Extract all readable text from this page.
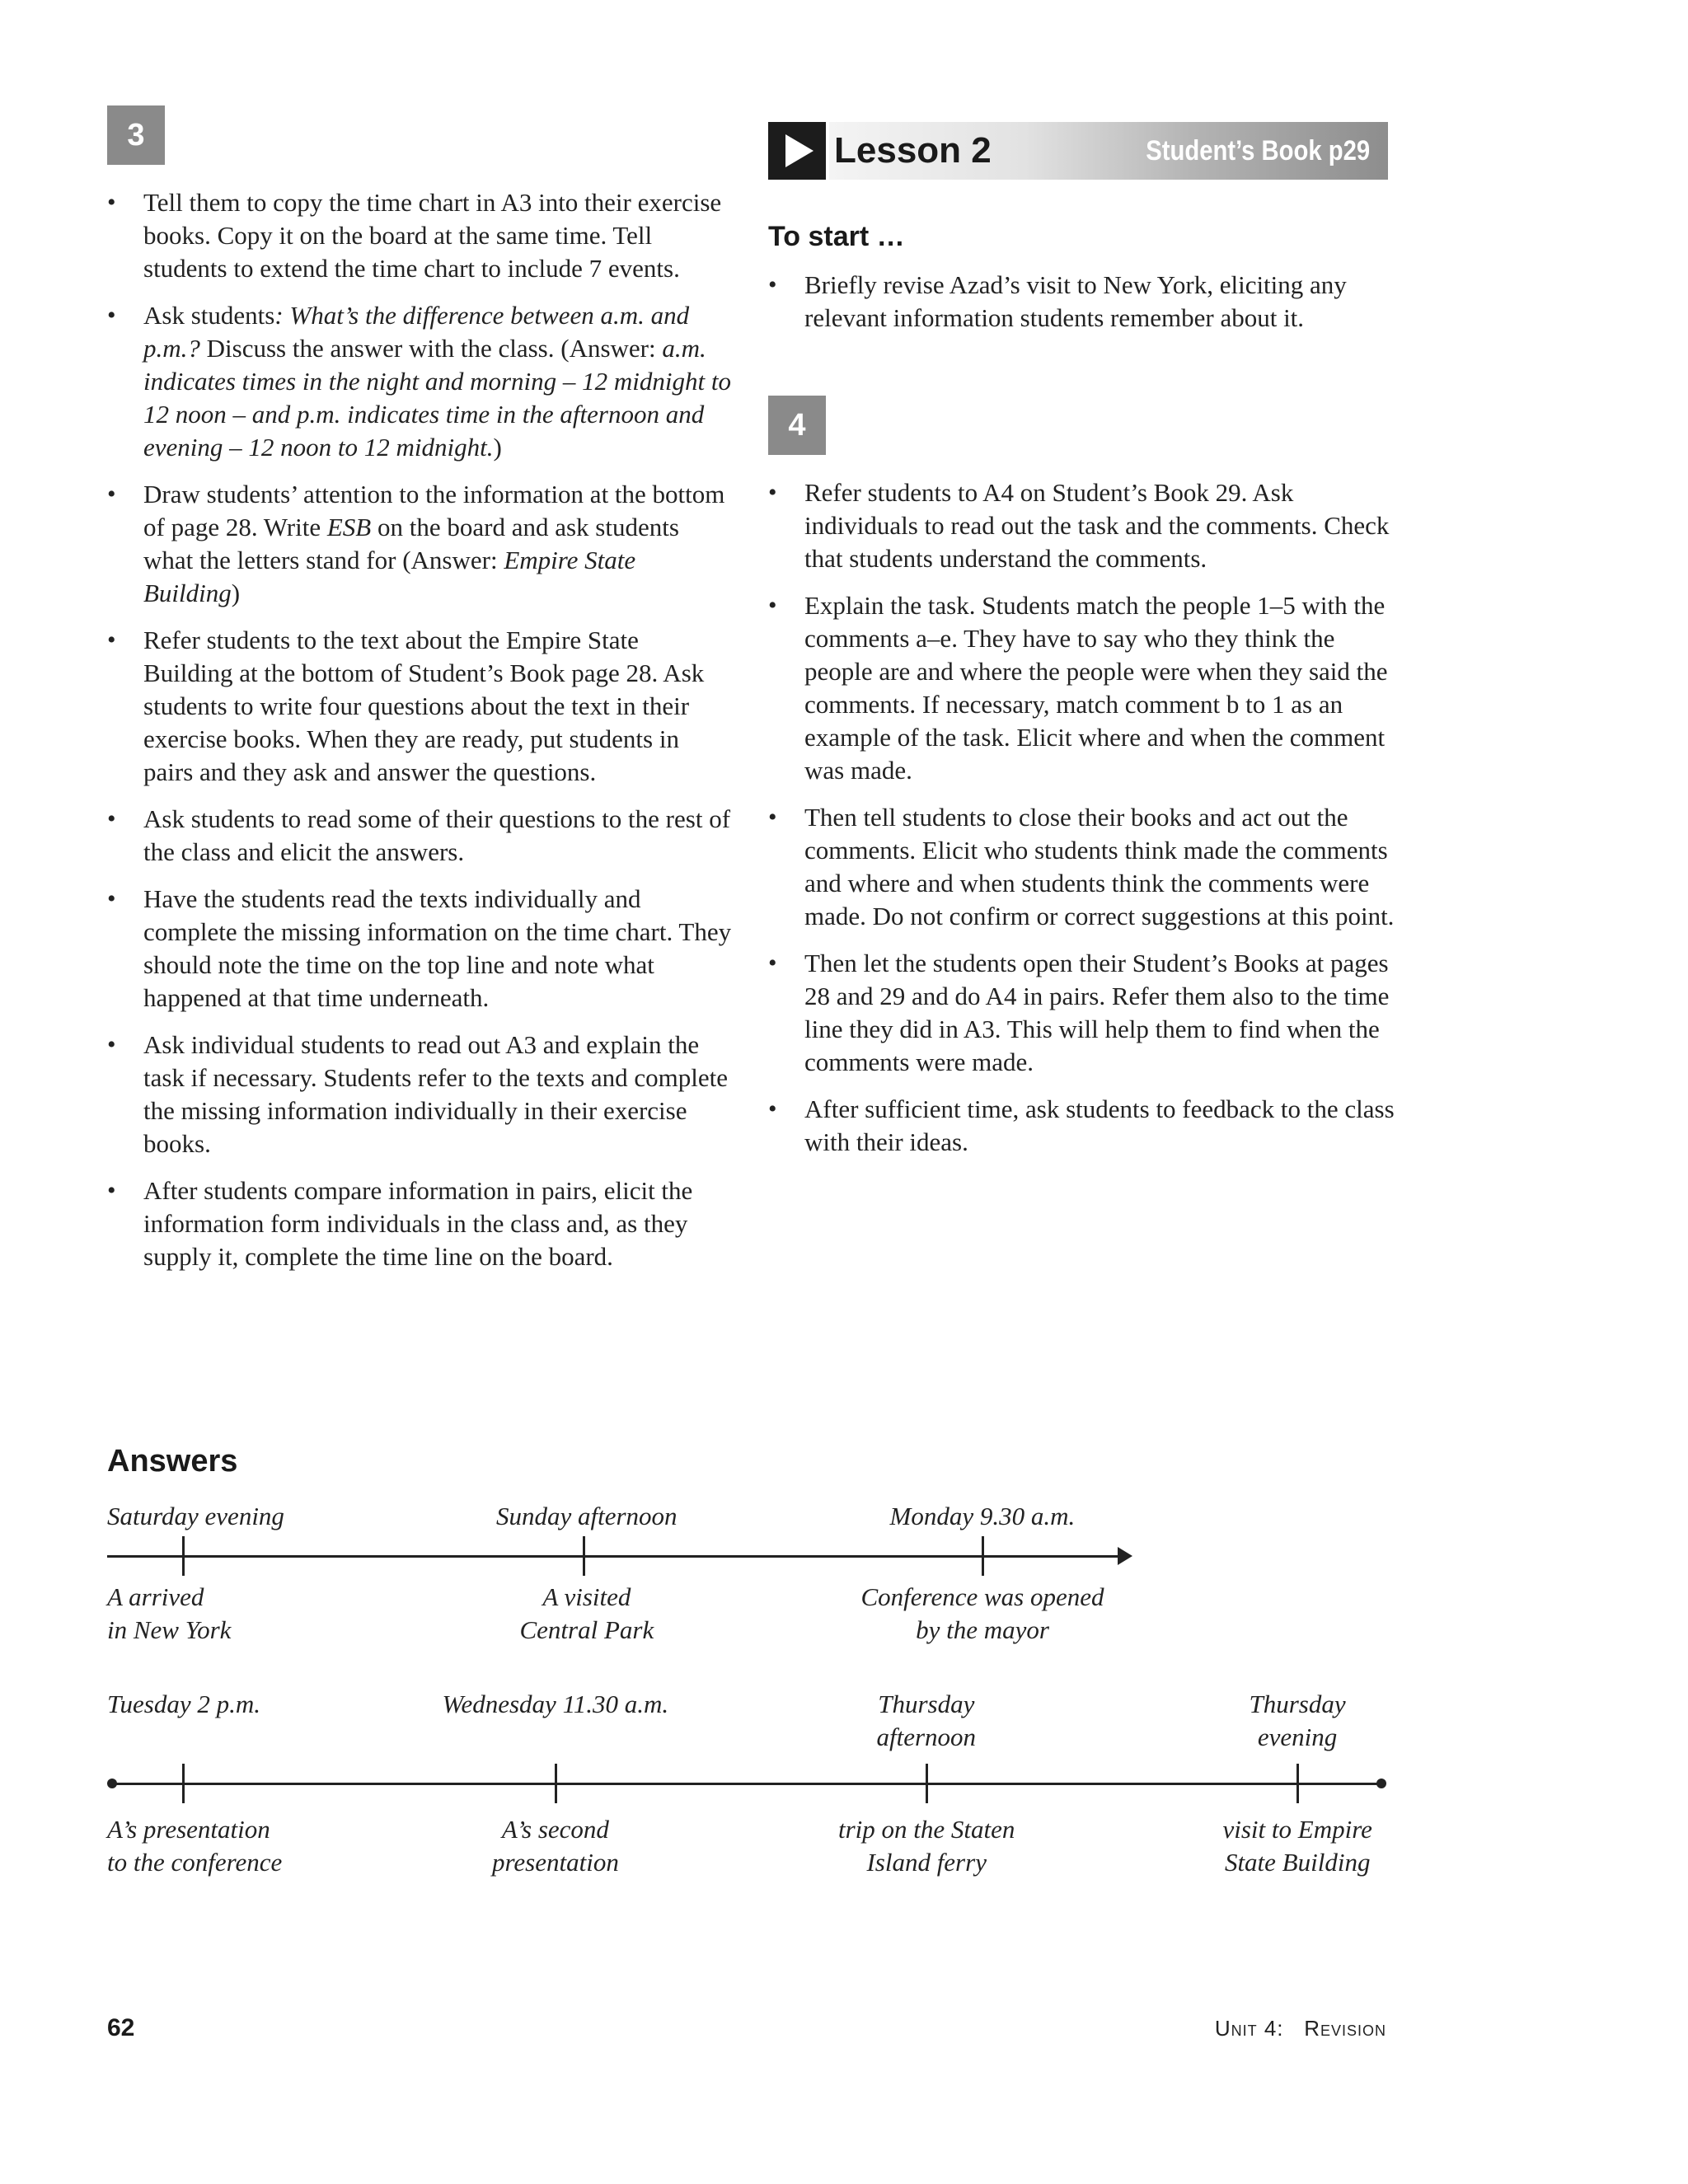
3
• Tell them to copy the time chart in A3 into their exercise books. Copy it on the board at the same time. Tell students to extend the time chart to include 7 events.
• Ask students: What’s the difference between a.m. and p.m.? Discuss the answer with the class. (Answer: a.m. indicates times in the night and morning – 12 midnight to 12 noon – and p.m. indicates time in the afternoon and evening – 12 noon to 12 midnight.)
• Draw students’ attention to the information at the bottom of page 28. Write ESB on the board and ask students what the letters stand for (Answer: Empire State Building)
• Refer students to the text about the Empire State Building at the bottom of Student’s Book page 28. Ask students to write four questions about the text in their exercise books. When they are ready, put students in pairs and they ask and answer the questions.
• Ask students to read some of their questions to the rest of the class and elicit the answers.
• Have the students read the texts individually and complete the missing information on the time chart. They should note the time on the top line and note what happened at that time underneath.
• Ask individual students to read out A3 and explain the task if necessary. Students refer to the texts and complete the missing information individually in their exercise books.
• After students compare information in pairs, elicit the information form individuals in the class and, as they supply it, complete the time line on the board.
Lesson 2	Student’s Book p29
To start …
• Briefly revise Azad’s visit to New York, eliciting any relevant information students remember about it.
4
• Refer students to A4 on Student’s Book 29. Ask individuals to read out the task and the comments. Check that students understand the comments.
• Explain the task. Students match the people 1–5 with the comments a–e. They have to say who they think the people are and where the people were when they said the comments. If necessary, match comment b to 1 as an example of the task. Elicit where and when the comment was made.
• Then tell students to close their books and act out the comments. Elicit who students think made the comments and where and when students think the comments were made. Do not confirm or correct suggestions at this point.
• Then let the students open their Student’s Books at pages 28 and 29 and do A4 in pairs. Refer them also to the time line they did in A3. This will help them to find when the comments were made.
• After sufficient time, ask students to feedback to the class with their ideas.
Answers
62	Unit 4: Revision
Saturday evening
A arrived
in New York
Sunday afternoon
A visited
Central Park
Monday 9.30 a.m.
Conference was opened
by the mayor
Tuesday 2 p.m.
A’s presentation
to the conference
Wednesday 11.30 a.m.
A’s second
presentation
Thursday
afternoon
trip on the Staten
Island ferry
Thursday
evening
visit to Empire
State Building
